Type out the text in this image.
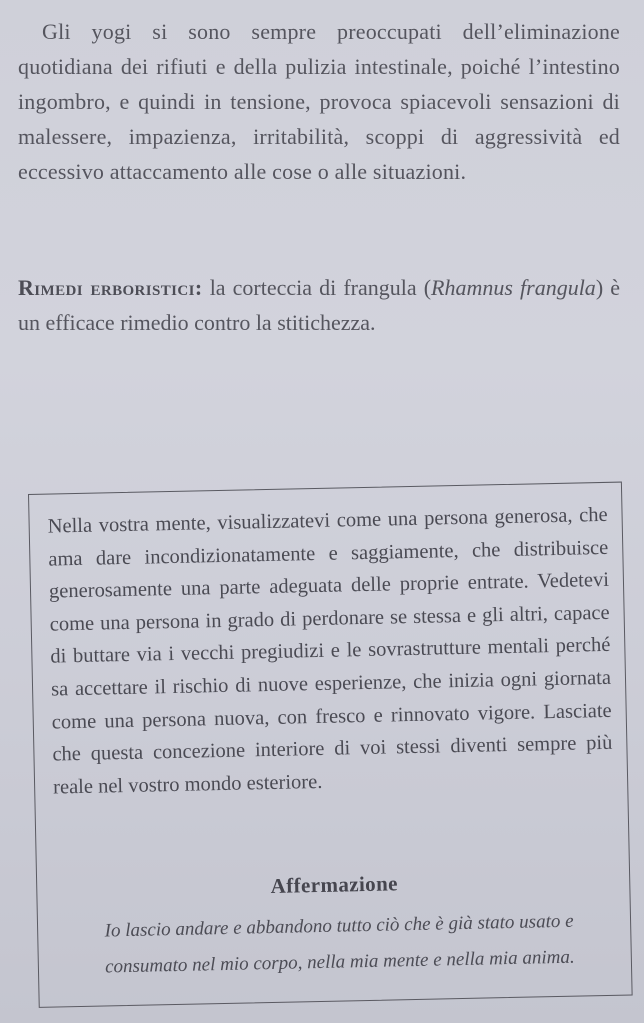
Gli yogi si sono sempre preoccupati dell’eliminazione quotidiana dei rifiuti e della pulizia intestinale, poiché l’intestino ingombro, e quindi in tensione, provoca spiacevoli sensazioni di malessere, impazienza, irritabilità, scoppi di aggressività ed eccessivo attaccamento alle cose o alle situazioni.

Rimedi erboristici: la corteccia di frangula (Rhamnus frangula) è un efficace rimedio contro la stitichezza.

Nella vostra mente, visualizzatevi come una persona generosa, che ama dare incondizionatamente e saggiamente, che distribuisce generosamente una parte adeguata delle proprie entrate. Vedetevi come una persona in grado di perdonare se stessa e gli altri, capace di buttare via i vecchi pregiudizi e le sovrastrutture mentali perché sa accettare il rischio di nuove esperienze, che inizia ogni giornata come una persona nuova, con fresco e rinnovato vigore. Lasciate che questa concezione interiore di voi stessi diventi sempre più reale nel vostro mondo esteriore.

Affermazione

Io lascio andare e abbandono tutto ciò che è già stato usato e consumato nel mio corpo, nella mia mente e nella mia anima.
